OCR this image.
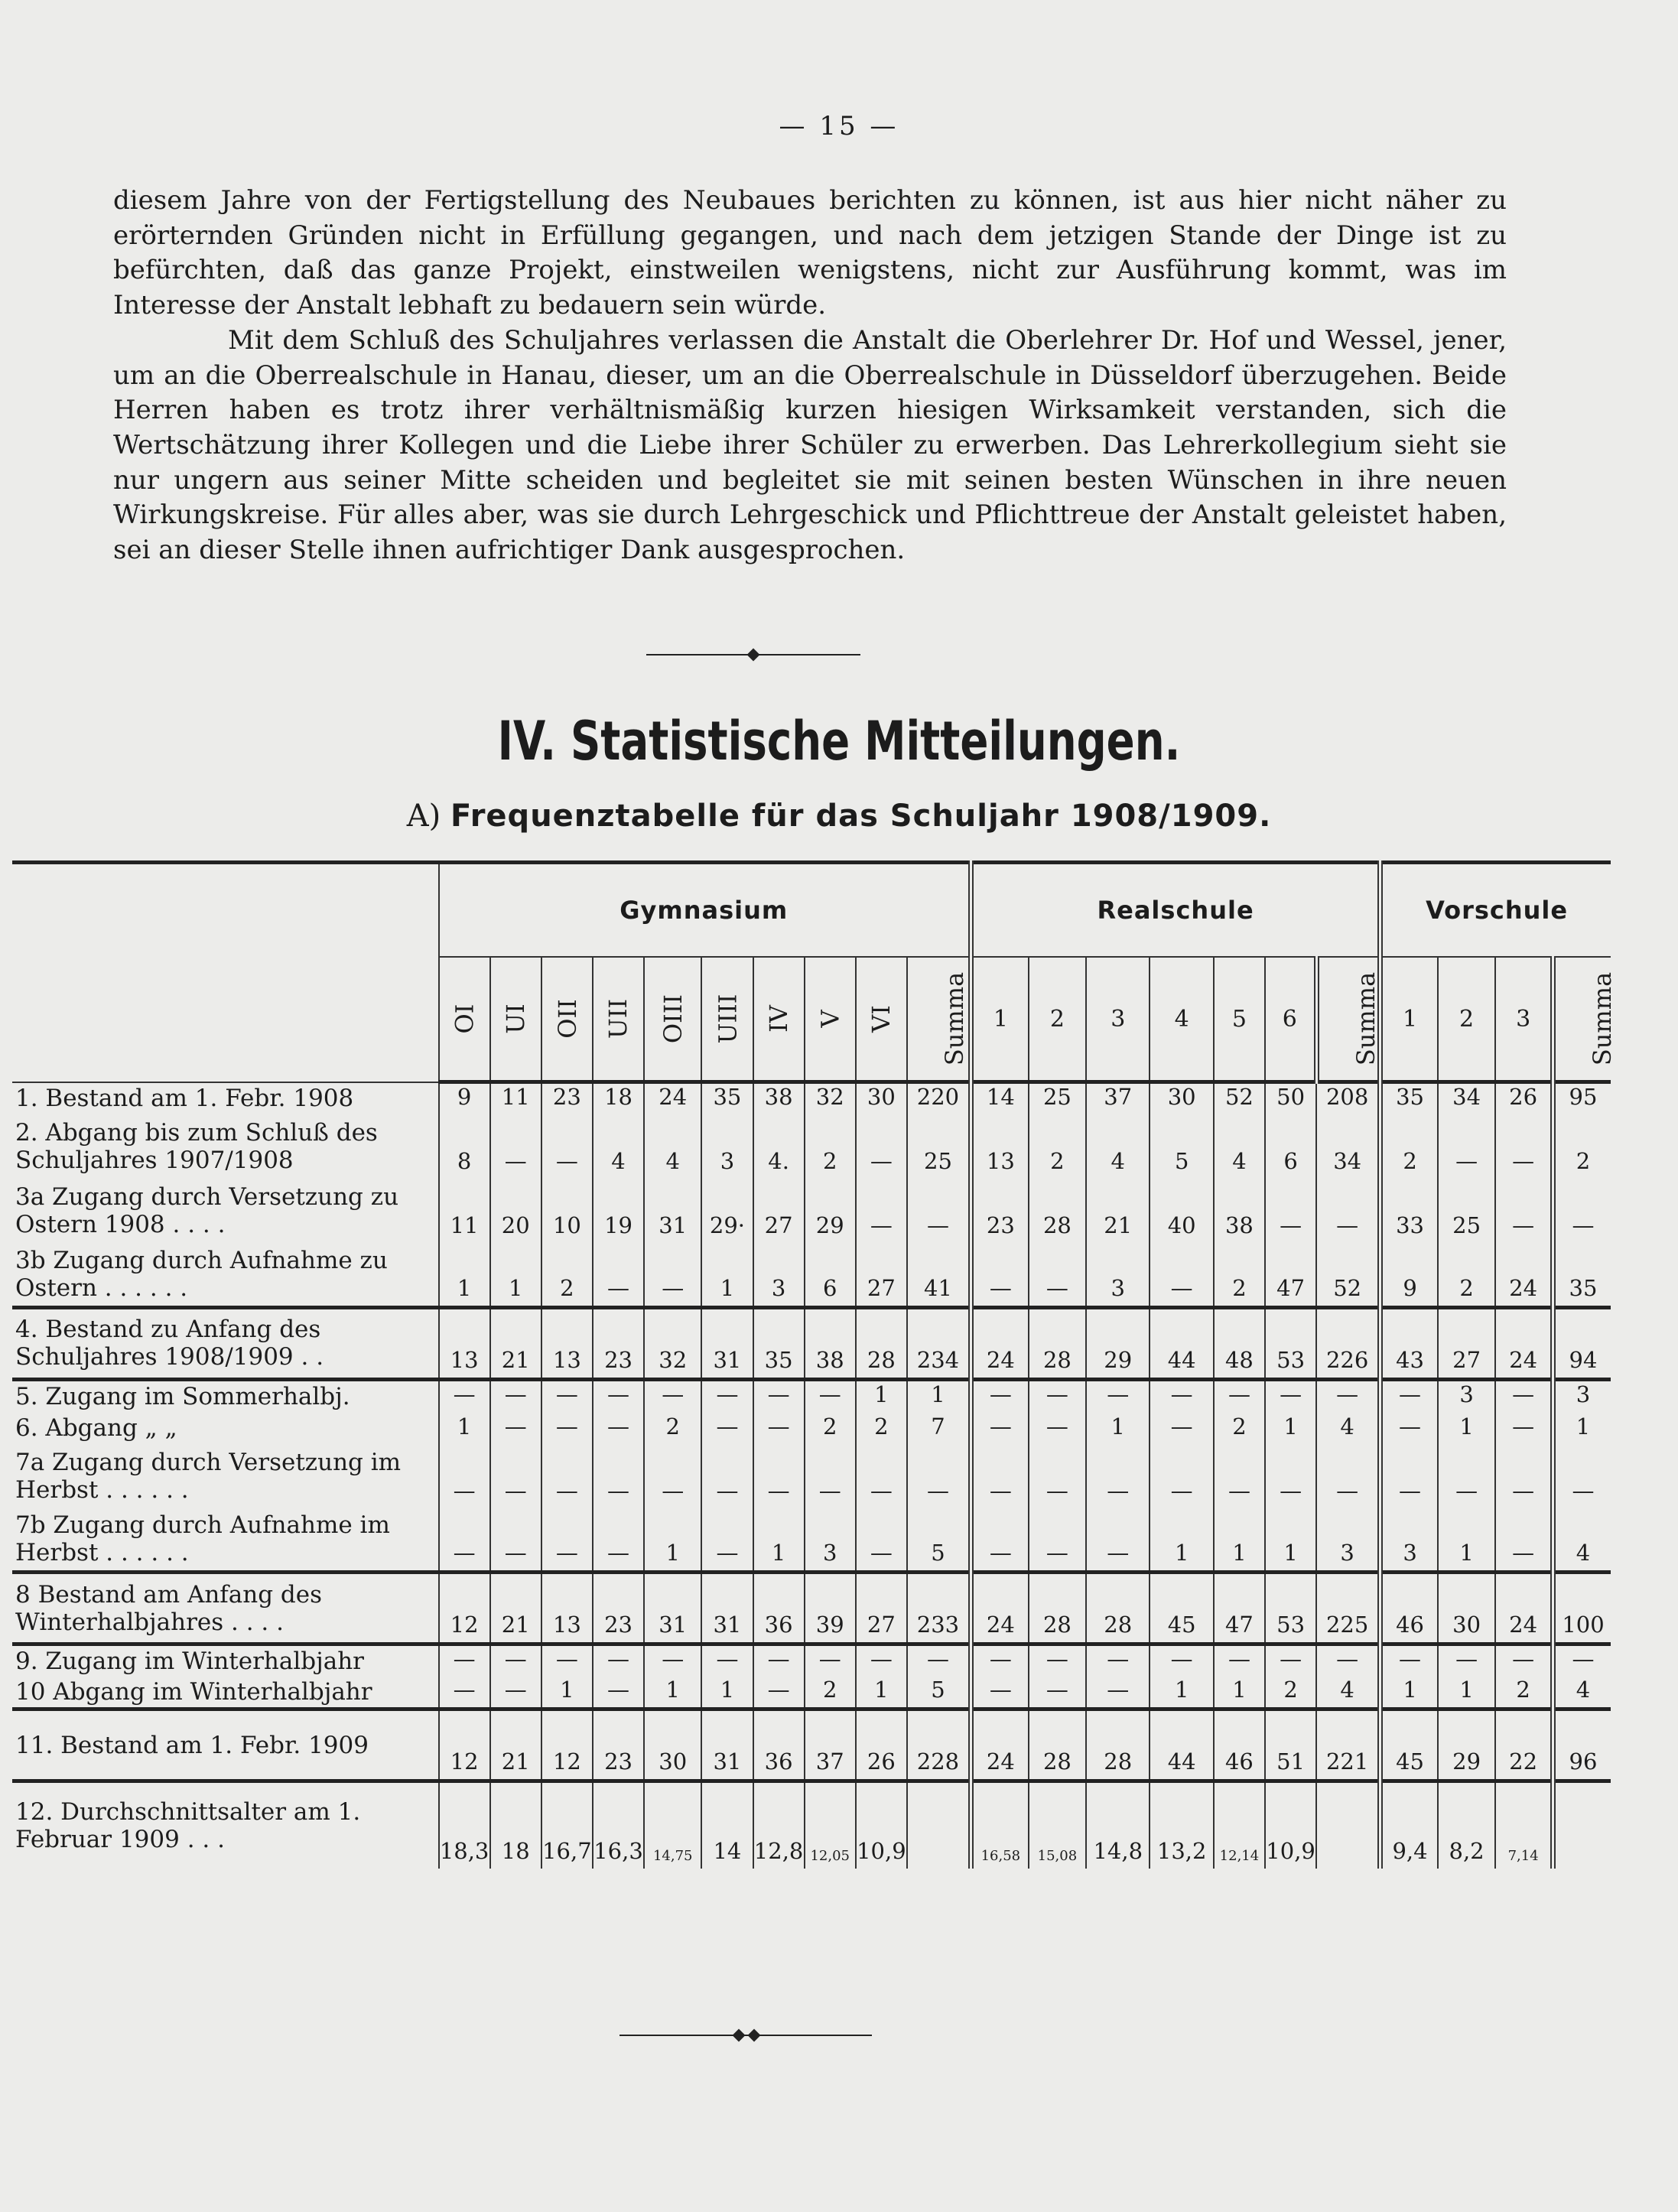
— 15 —

diesem Jahre von der Fertigstellung des Neubaues berichten zu können, ist aus hier nicht näher zu erörternden Gründen nicht in Erfüllung gegangen, und nach dem jetzigen Stande der Dinge ist zu befürchten, daß das ganze Projekt, einstweilen wenigstens, nicht zur Ausführung kommt, was im Interesse der Anstalt lebhaft zu bedauern sein würde.

Mit dem Schluß des Schuljahres verlassen die Anstalt die Oberlehrer Dr. Hof und Wessel, jener, um an die Oberrealschule in Hanau, dieser, um an die Oberrealschule in Düsseldorf überzugehen. Beide Herren haben es trotz ihrer verhältnismäßig kurzen hiesigen Wirksamkeit verstanden, sich die Wertschätzung ihrer Kollegen und die Liebe ihrer Schüler zu erwerben. Das Lehrerkollegium sieht sie nur ungern aus seiner Mitte scheiden und begleitet sie mit seinen besten Wünschen in ihre neuen Wirkungskreise. Für alles aber, was sie durch Lehrgeschick und Pflichttreue der Anstalt geleistet haben, sei an dieser Stelle ihnen aufrichtiger Dank ausgesprochen.

IV. Statistische Mitteilungen.
A) Frequenztabelle für das Schuljahr 1908/1909.
	Gymnasium										Realschule							Vorschule			
	OI	UI	OII	UII	OIII	UIII	IV	V	VI	Summa	1	2	3	4	5	6	Summa	1	2	3	Summa
1. Bestand am 1. Febr. 1908	9	11	23	18	24	35	38	32	30	220	14	25	37	30	52	50	208	35	34	26	95
2. Abgang bis zum Schluß des Schuljahres 1907/1908	8	—	—	4	4	3	4.	2	—	25	13	2	4	5	4	6	34	2	—	—	2
3a Zugang durch Versetzung zu Ostern 1908 . . . .	11	20	10	19	31	29·	27	29	—	—	23	28	21	40	38	—	—	33	25	—	—
3b Zugang durch Aufnahme zu Ostern . . . . . .	1	1	2	—	—	1	3	6	27	41	—	—	3	—	2	47	52	9	2	24	35
4. Bestand zu Anfang des Schuljahres 1908/1909 . .	13	21	13	23	32	31	35	38	28	234	24	28	29	44	48	53	226	43	27	24	94
5. Zugang im Sommerhalbj.	—	—	—	—	—	—	—	—	1	1	—	—	—	—	—	—	—	—	3	—	3
6. Abgang „ „	1	—	—	—	2	—	—	2	2	7	—	—	1	—	2	1	4	—	1	—	1
7a Zugang durch Versetzung im Herbst . . . . . .	—	—	—	—	—	—	—	—	—	—	—	—	—	—	—	—	—	—	—	—	—
7b Zugang durch Aufnahme im Herbst . . . . . .	—	—	—	—	1	—	1	3	—	5	—	—	—	1	1	1	3	3	1	—	4
8 Bestand am Anfang des Winterhalbjahres . . . .	12	21	13	23	31	31	36	39	27	233	24	28	28	45	47	53	225	46	30	24	100
9. Zugang im Winterhalbjahr	—	—	—	—	—	—	—	—	—	—	—	—	—	—	—	—	—	—	—	—	—
10 Abgang im Winterhalbjahr	—	—	1	—	1	1	—	2	1	5	—	—	—	1	1	2	4	1	1	2	4
11. Bestand am 1. Febr. 1909	12	21	12	23	30	31	36	37	26	228	24	28	28	44	46	51	221	45	29	22	96
12. Durchschnittsalter am 1. Februar 1909 . . .	18,3	18	16,7	16,3	14,75	14	12,8	12,05	10,9		16,58	15,08	14,8	13,2	12,14	10,9		9,4	8,2	7,14	
